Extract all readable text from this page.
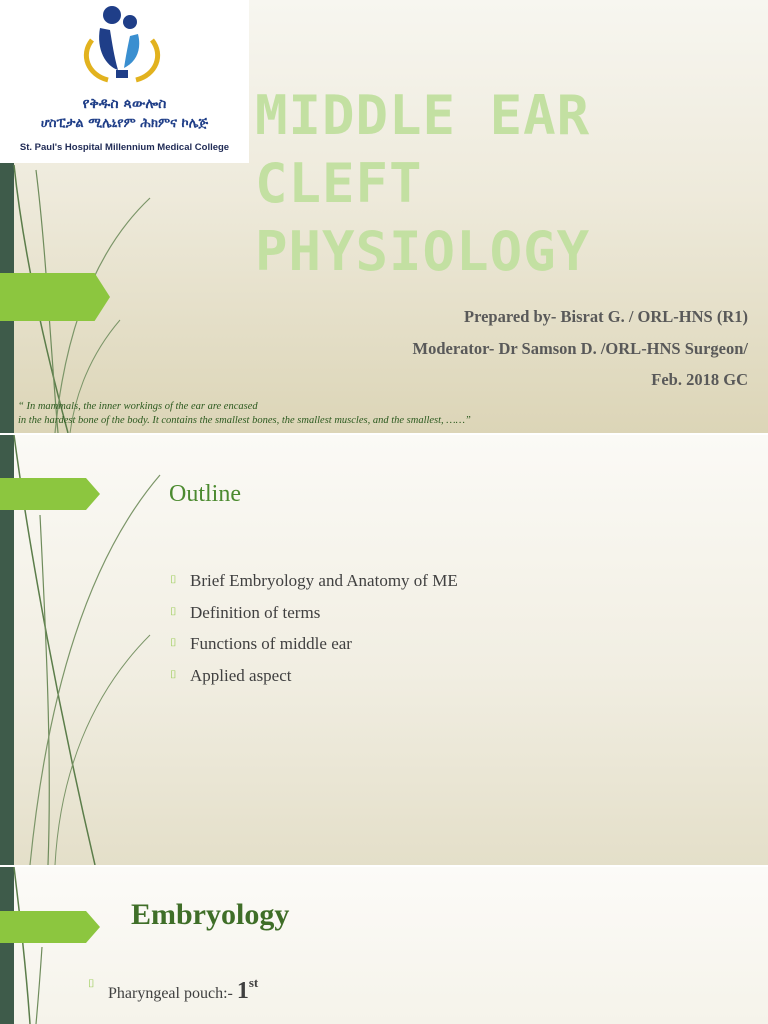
የቅዱስ ጳውሎስ
ሆስፒታል ሚሌኒየም ሕክምና ኮሌጅ
St. Paul's Hospital Millennium Medical College
MIDDLE EAR
CLEFT
PHYSIOLOGY
Prepared by- Bisrat G. / ORL-HNS (R1)
Moderator- Dr Samson D. /ORL-HNS Surgeon/
Feb. 2018 GC
“ In mammals, the inner workings of the ear are encased
in the hardest bone of the body. It contains the smallest bones, the smallest muscles, and the smallest, ……”
Outline
⌷ Brief Embryology and Anatomy of ME
⌷ Definition of terms
⌷ Functions of middle ear
⌷ Applied aspect
Embryology
⌷
Pharyngeal pouch:- 1st
